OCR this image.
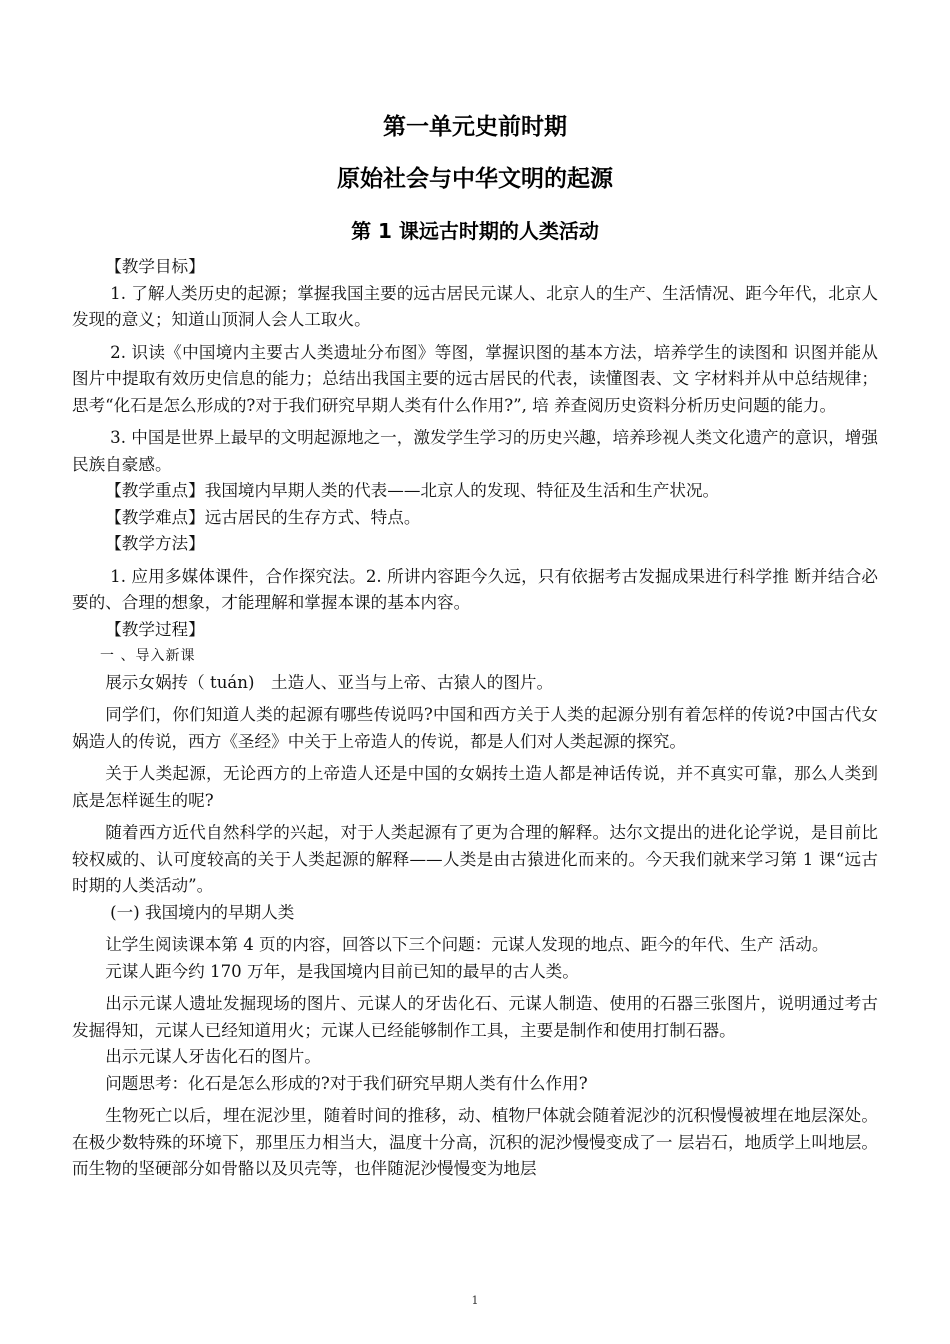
第一单元史前时期
原始社会与中华文明的起源
第 1 课远古时期的人类活动

【教学目标】

1. 了解人类历史的起源；掌握我国主要的远古居民元谋人、北京人的生产、生活情况、距今年代，北京人发现的意义；知道山顶洞人会人工取火。

2. 识读《中国境内主要古人类遗址分布图》等图，掌握识图的基本方法，培养学生的读图和 识图并能从图片中提取有效历史信息的能力；总结出我国主要的远古居民的代表，读懂图表、文 字材料并从中总结规律；思考“化石是怎么形成的?对于我们研究早期人类有什么作用?”, 培 养查阅历史资料分析历史问题的能力。

3. 中国是世界上最早的文明起源地之一，激发学生学习的历史兴趣，培养珍视人类文化遗产的意识，增强民族自豪感。

【教学重点】我国境内早期人类的代表——北京人的发现、特征及生活和生产状况。

【教学难点】远古居民的生存方式、特点。

【教学方法】

1. 应用多媒体课件，合作探究法。2. 所讲内容距今久远，只有依据考古发掘成果进行科学推 断并结合必要的、合理的想象，才能理解和掌握本课的基本内容。

【教学过程】

一 、导入新课

展示女娲抟（ tuán)　土造人、亚当与上帝、古猿人的图片。

同学们，你们知道人类的起源有哪些传说吗?中国和西方关于人类的起源分别有着怎样的传说?中国古代女娲造人的传说，西方《圣经》中关于上帝造人的传说，都是人们对人类起源的探究。

关于人类起源，无论西方的上帝造人还是中国的女娲抟土造人都是神话传说，并不真实可靠，那么人类到底是怎样诞生的呢?

随着西方近代自然科学的兴起，对于人类起源有了更为合理的解释。达尔文提出的进化论学说，是目前比较权威的、认可度较高的关于人类起源的解释——人类是由古猿进化而来的。今天我们就来学习第 1 课“远古时期的人类活动”。

(一) 我国境内的早期人类

让学生阅读课本第 4 页的内容，回答以下三个问题：元谋人发现的地点、距今的年代、生产 活动。

元谋人距今约 170 万年，是我国境内目前已知的最早的古人类。

出示元谋人遗址发掘现场的图片、元谋人的牙齿化石、元谋人制造、使用的石器三张图片，说明通过考古发掘得知，元谋人已经知道用火；元谋人已经能够制作工具，主要是制作和使用打制石器。

出示元谋人牙齿化石的图片。

问题思考：化石是怎么形成的?对于我们研究早期人类有什么作用?

生物死亡以后，埋在泥沙里，随着时间的推移，动、植物尸体就会随着泥沙的沉积慢慢被埋在地层深处。在极少数特殊的环境下，那里压力相当大，温度十分高，沉积的泥沙慢慢变成了一 层岩石，地质学上叫地层。而生物的坚硬部分如骨骼以及贝壳等，也伴随泥沙慢慢变为地层

1
